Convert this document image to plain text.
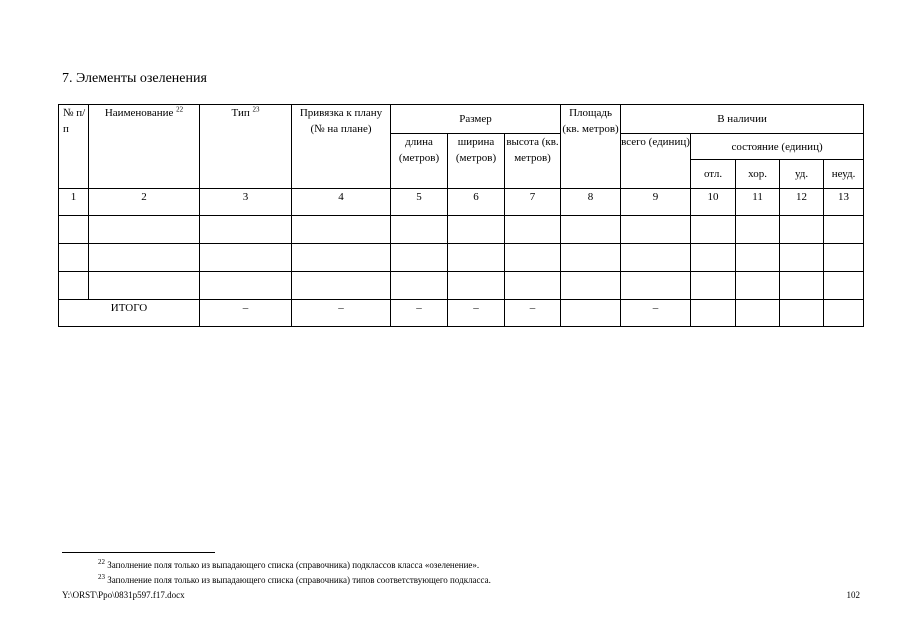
7. Элементы озеленения
№ п/п	Наименование $^{22}$	Тип $^{23}$	Привязка к плану (№ на плане)	Размер			Площадь (кв. метров)	В наличии				
				длина (метров)	ширина (метров)	высота (кв. метров)		всего (единиц)	состояние (единиц)			
									отл.	хор.	уд.	неуд.
1	2	3	4	5	6	7	8	9	10	11	12	13

ИТОГО		–	–	–	–	–		–				
$^{22}$ Заполнение поля только из выпадающего списка (справочника) подклассов класса «озеленение».
$^{23}$ Заполнение поля только из выпадающего списка (справочника) типов соответствующего подкласса.
Y:\ORST\Ppo\0831p597.f17.docx	102
